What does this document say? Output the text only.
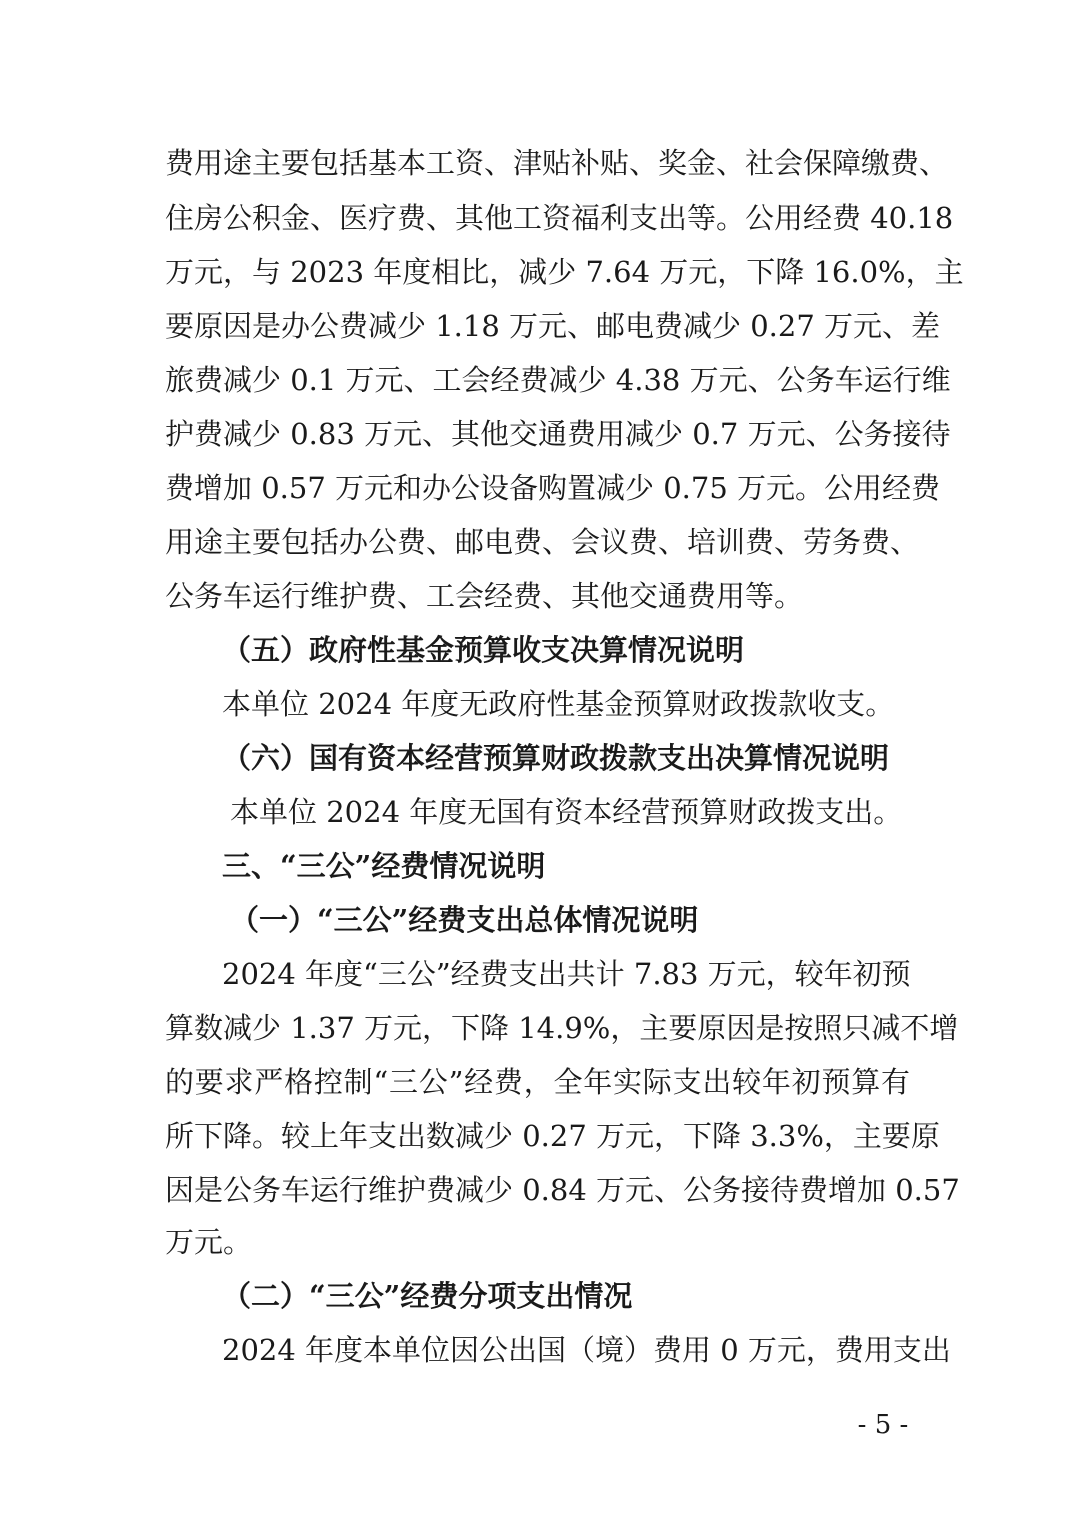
费用途主要包括基本工资、津贴补贴、奖金、社会保障缴费、
住房公积金、医疗费、其他工资福利支出等。公用经费 40.18
万元，与 2023 年度相比，减少 7.64 万元，下降 16.0%，主
要原因是办公费减少 1.18 万元、邮电费减少 0.27 万元、差
旅费减少 0.1 万元、工会经费减少 4.38 万元、公务车运行维
护费减少 0.83 万元、其他交通费用减少 0.7 万元、公务接待
费增加 0.57 万元和办公设备购置减少 0.75 万元。公用经费
用途主要包括办公费、邮电费、会议费、培训费、劳务费、
公务车运行维护费、工会经费、其他交通费用等。
（五）政府性基金预算收支决算情况说明
本单位 2024 年度无政府性基金预算财政拨款收支。
（六）国有资本经营预算财政拨款支出决算情况说明
本单位 2024 年度无国有资本经营预算财政拨支出。
三、“三公”经费情况说明
（一）“三公”经费支出总体情况说明
2024 年度“三公”经费支出共计 7.83 万元，较年初预
算数减少 1.37 万元，下降 14.9%，主要原因是按照只减不增
的要求严格控制“三公”经费，全年实际支出较年初预算有
所下降。较上年支出数减少 0.27 万元，下降 3.3%，主要原
因是公务车运行维护费减少 0.84 万元、公务接待费增加 0.57
万元。
（二）“三公”经费分项支出情况
2024 年度本单位因公出国（境）费用 0 万元，费用支出
- 5 -
